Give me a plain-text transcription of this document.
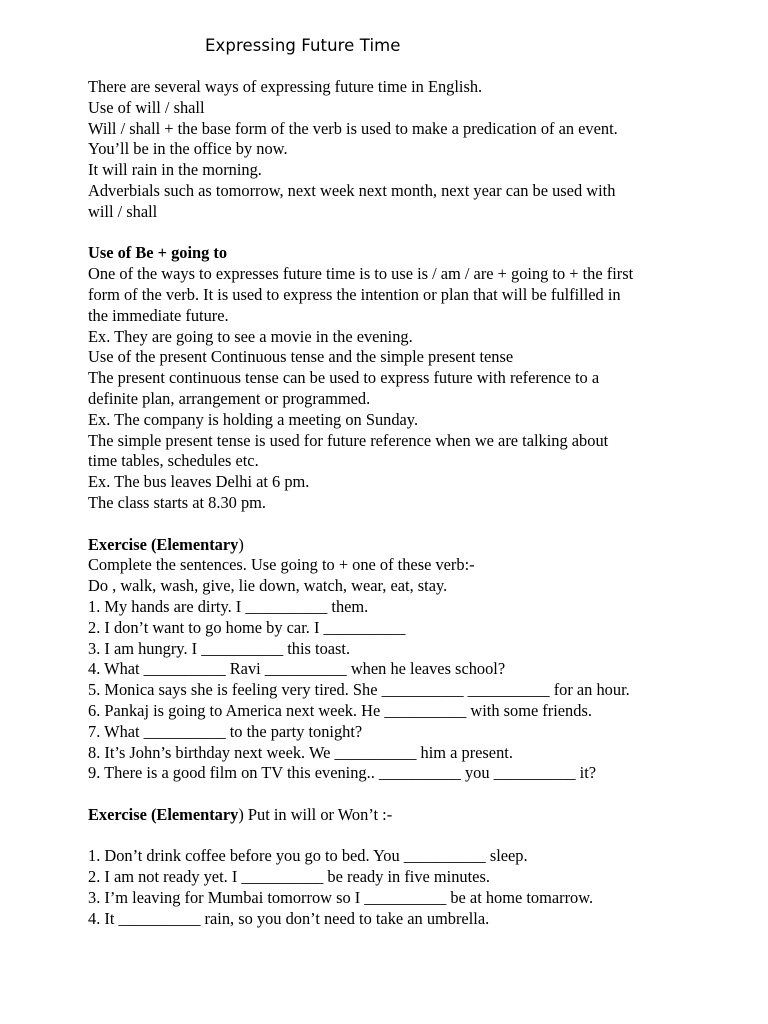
Expressing Future Time
There are several ways of expressing future time in English.
Use of will / shall
Will / shall + the base form of the verb is used to make a predication of an event.
You’ll be in the office by now.
It will rain in the morning.
Adverbials such as tomorrow, next week next month, next year can be used with
will / shall
Use of Be + going to
One of the ways to expresses future time is to use is / am / are + going to + the first
form of the verb. It is used to express the intention or plan that will be fulfilled in
the immediate future.
Ex. They are going to see a movie in the evening.
Use of the present Continuous tense and the simple present tense
The present continuous tense can be used to express future with reference to a
definite plan, arrangement or programmed.
Ex. The company is holding a meeting on Sunday.
The simple present tense is used for future reference when we are talking about
time tables, schedules etc.
Ex. The bus leaves Delhi at 6 pm.
The class starts at 8.30 pm.
Exercise (Elementary)
Complete the sentences. Use going to + one of these verb:-
Do , walk, wash, give, lie down, watch, wear, eat, stay.
1. My hands are dirty. I __________ them.
2. I don’t want to go home by car. I __________
3. I am hungry. I __________ this toast.
4. What __________ Ravi __________ when he leaves school?
5. Monica says she is feeling very tired. She __________ __________ for an hour.
6. Pankaj is going to America next week. He __________ with some friends.
7. What __________ to the party tonight?
8. It’s John’s birthday next week. We __________ him a present.
9. There is a good film on TV this evening.. __________ you __________ it?
Exercise (Elementary) Put in will or Won’t :-
1. Don’t drink coffee before you go to bed. You __________ sleep.
2. I am not ready yet. I __________ be ready in five minutes.
3. I’m leaving for Mumbai tomorrow so I __________ be at home tomarrow.
4. It __________ rain, so you don’t need to take an umbrella.
